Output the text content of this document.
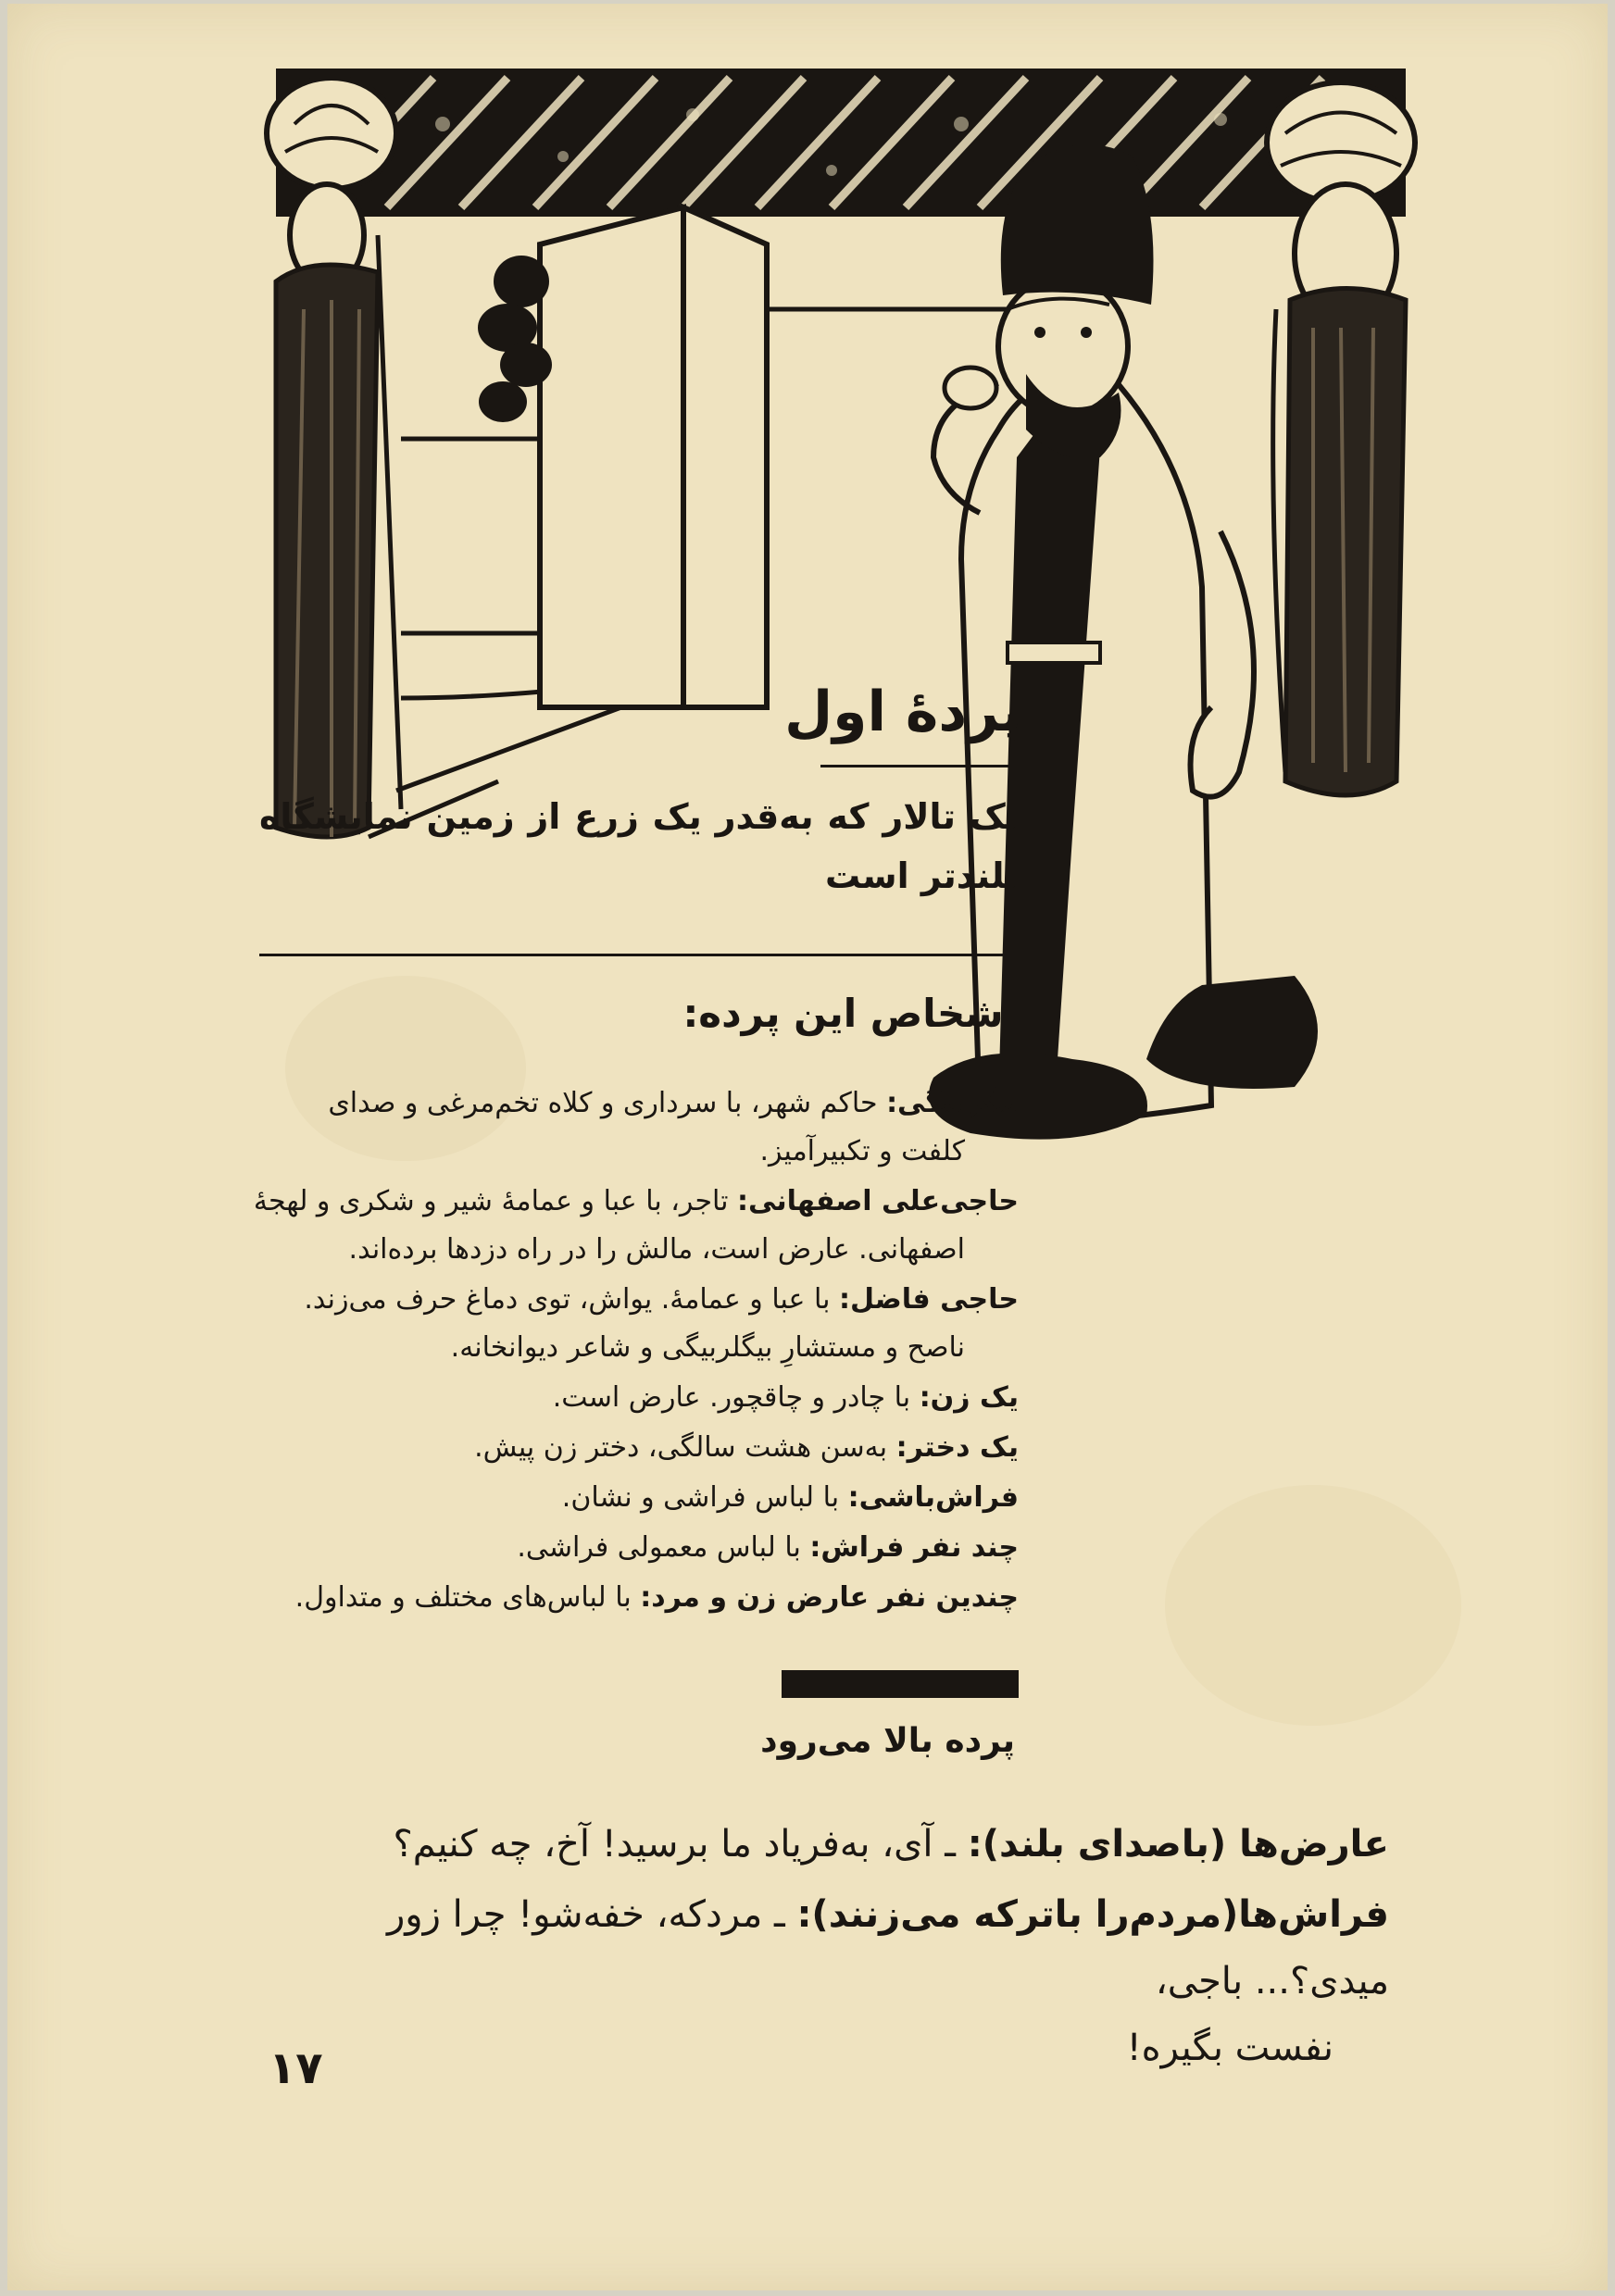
پردهٔ اول

یک تالار که به‌قدر یک زرع از زمین نمایشگاه بلندتر است

اشخاص این پرده:
بیگربیگی: حاکم شهر، با سرداری و کلاه تخم‌مرغی و صدای
کلفت و تکبیرآمیز.
حاجی‌علی اصفهانی: تاجر، با عبا و عمامهٔ شیر و شکری و لهجهٔ
اصفهانی. عارض است، مالش را در راه دزدها برده‌اند.
حاجی فاضل: با عبا و عمامهٔ. یواش، توی دماغ حرف می‌زند.
ناصح و مستشارِ بیگلربیگی و شاعر دیوانخانه.
یک زن: با چادر و چاقچور. عارض است.
یک دختر: به‌سن هشت سالگی، دختر زن پیش.
فراش‌باشی: با لباس فراشی و نشان.
چند نفر فراش: با لباس معمولی فراشی.
چندین نفر عارض زن و مرد: با لباس‌های مختلف و متداول.

پرده بالا می‌رود

عارض‌ها (باصدای بلند): ـ آی، به‌فریاد ما برسید! آخ، چه کنیم؟

فراش‌ها(مردم‌را باترکه می‌زنند): ـ مردکه، خفه‌شو! چرا زور میدی؟... باجی،
نفست بگیره!

۱۷
